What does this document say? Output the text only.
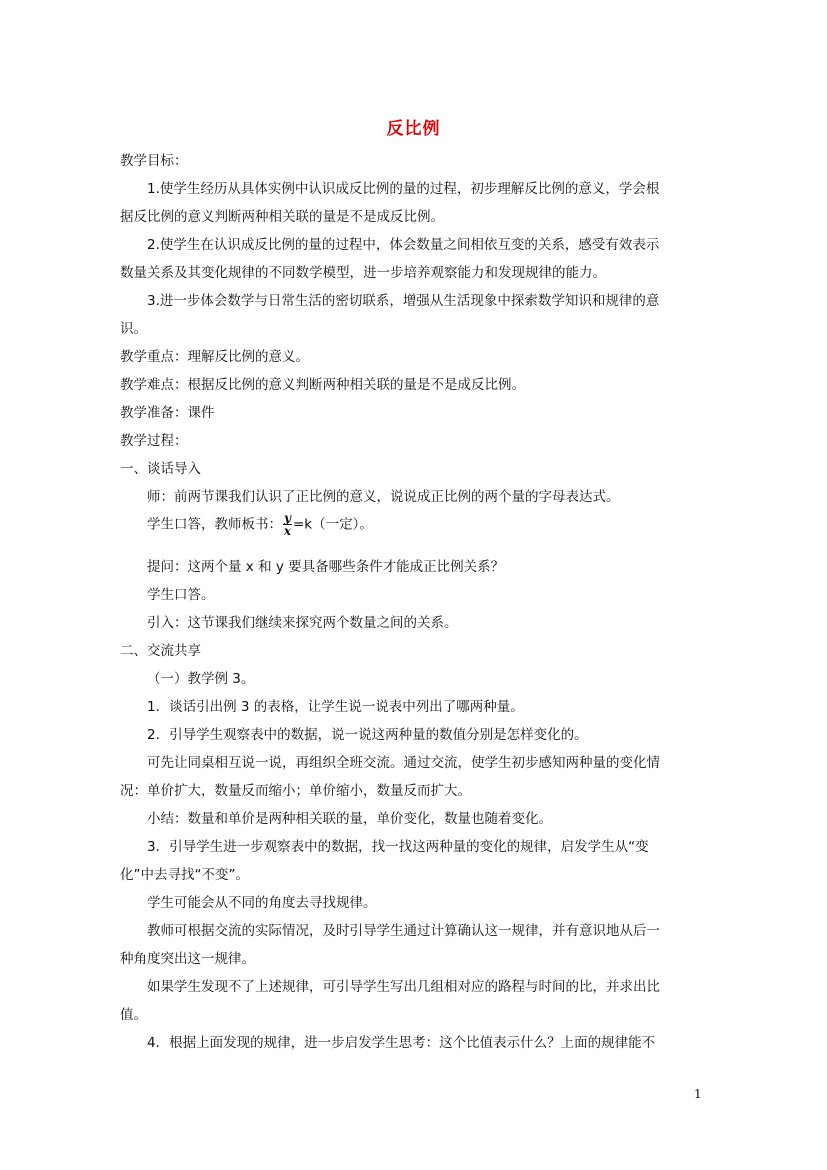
反比例
教学目标：
1.使学生经历从具体实例中认识成反比例的量的过程，初步理解反比例的意义，学会根
据反比例的意义判断两种相关联的量是不是成反比例。
2.使学生在认识成反比例的量的过程中，体会数量之间相依互变的关系，感受有效表示
数量关系及其变化规律的不同数学模型，进一步培养观察能力和发现规律的能力。
3.进一步体会数学与日常生活的密切联系，增强从生活现象中探索数学知识和规律的意
识。
教学重点：理解反比例的意义。
教学难点：根据反比例的意义判断两种相关联的量是不是成反比例。
教学准备：课件
教学过程：
一、谈话导入
师：前两节课我们认识了正比例的意义，说说成正比例的两个量的字母表达式。
学生口答，教师板书： $\frac{y}{x} =k$（一定）。
提问：这两个量 x 和 y 要具备哪些条件才能成正比例关系？
学生口答。
引入：这节课我们继续来探究两个数量之间的关系。
二、交流共享
（一）教学例 3。
1．谈话引出例 3 的表格，让学生说一说表中列出了哪两种量。
2．引导学生观察表中的数据，说一说这两种量的数值分别是怎样变化的。
可先让同桌相互说一说，再组织全班交流。通过交流，使学生初步感知两种量的变化情
况：单价扩大，数量反而缩小；单价缩小，数量反而扩大。
小结：数量和单价是两种相关联的量，单价变化，数量也随着变化。
3．引导学生进一步观察表中的数据，找一找这两种量的变化的规律，启发学生从“变
化”中去寻找“不变”。
学生可能会从不同的角度去寻找规律。
教师可根据交流的实际情况，及时引导学生通过计算确认这一规律，并有意识地从后一
种角度突出这一规律。
如果学生发现不了上述规律，可引导学生写出几组相对应的路程与时间的比，并求出比
值。
4．根据上面发现的规律，进一步启发学生思考：这个比值表示什么？上面的规律能不
1
